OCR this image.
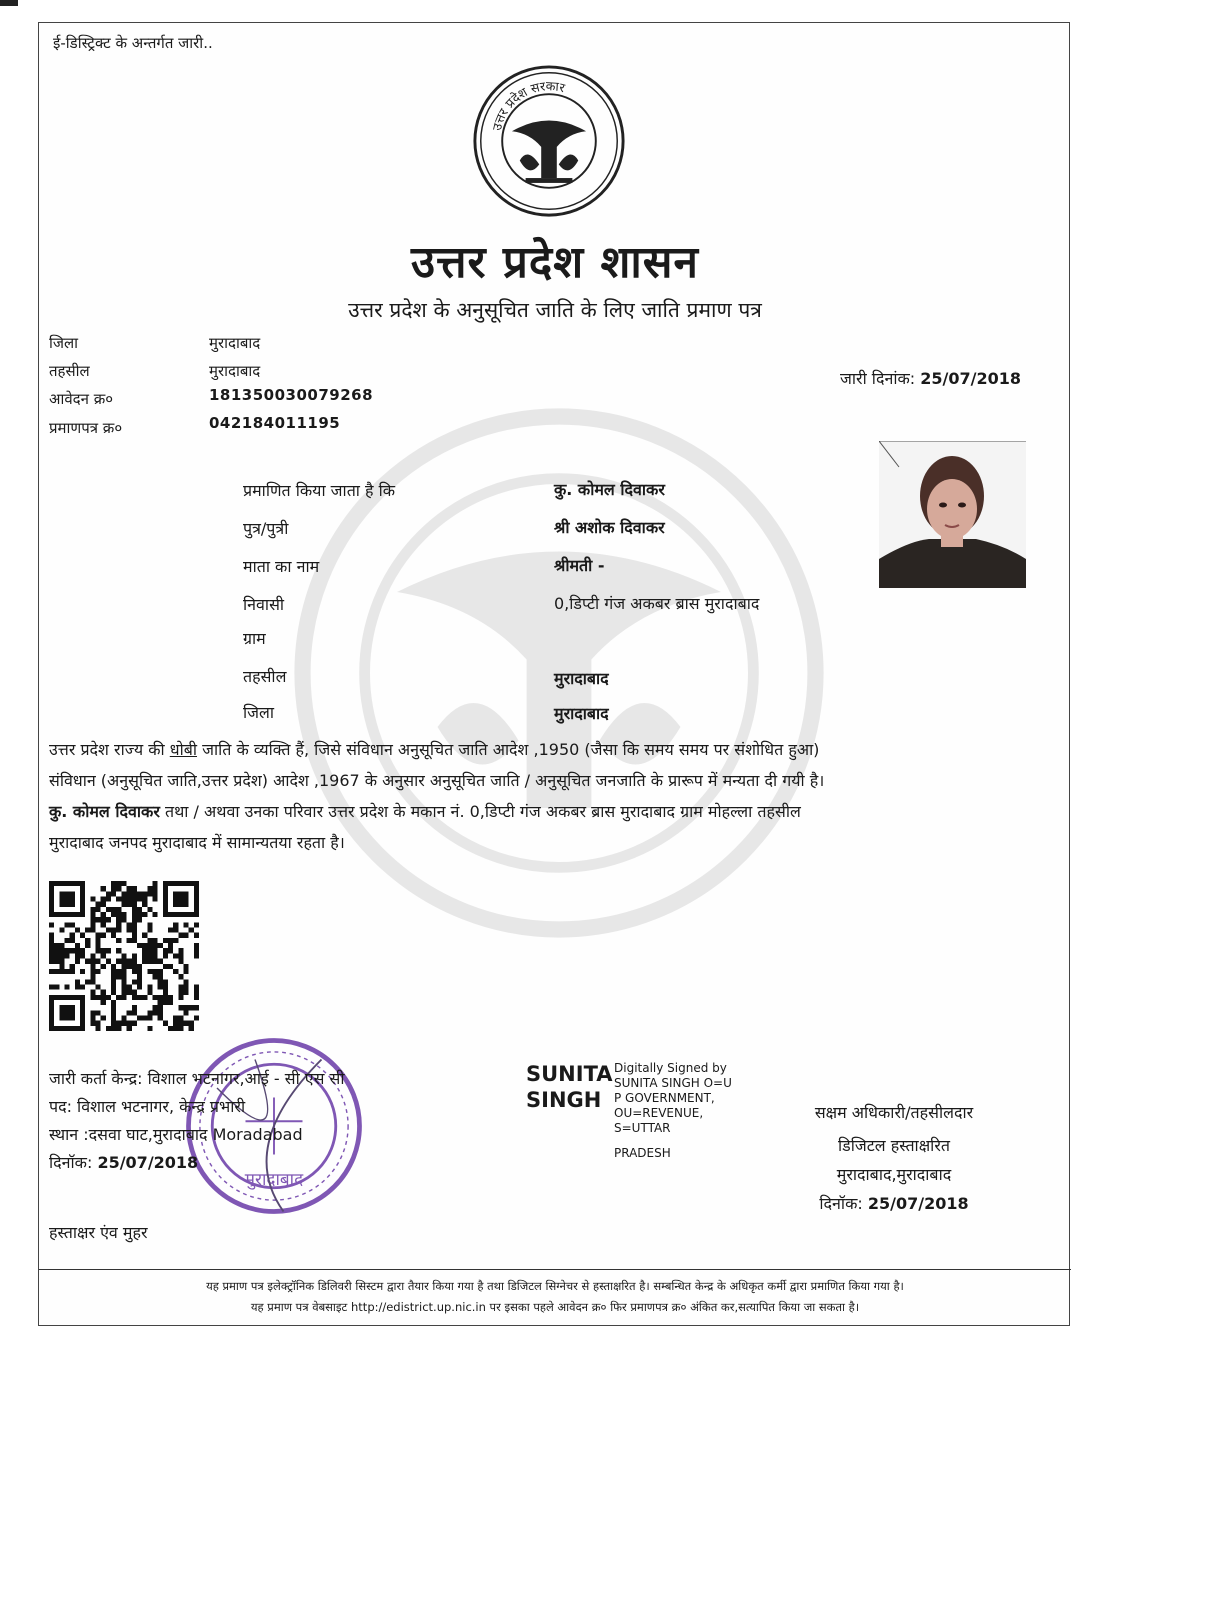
ई-डिस्ट्रिक्ट के अन्तर्गत जारी..
उत्तर प्रदेश सरकार
उत्तर प्रदेश शासन
उत्तर प्रदेश के अनुसूचित जाति के लिए जाति प्रमाण पत्र
जिला	मुरादाबाद
तहसील	मुरादाबाद
आवेदन क्र०	181350030079268
प्रमाणपत्र क्र०	042184011195
जारी दिनांक: 25/07/2018
प्रमाणित किया जाता है कि	कु. कोमल दिवाकर
पुत्र/पुत्री	श्री अशोक दिवाकर
माता का नाम	श्रीमती -
निवासी	0,डिप्टी गंज अकबर ब्रास मुरादाबाद
ग्राम
तहसील	मुरादाबाद
जिला	मुरादाबाद

उत्तर प्रदेश राज्य की धोबी जाति के व्यक्ति हैं, जिसे संविधान अनुसूचित जाति आदेश ,1950 (जैसा कि समय समय पर संशोधित हुआ)

संविधान (अनुसूचित जाति,उत्तर प्रदेश) आदेश ,1967 के अनुसार अनुसूचित जाति / अनुसूचित जनजाति के प्रारूप में मन्यता दी गयी है।

कु. कोमल दिवाकर तथा / अथवा उनका परिवार उत्तर प्रदेश के मकान नं. 0,डिप्टी गंज अकबर ब्रास मुरादाबाद ग्राम मोहल्ला तहसील

मुरादाबाद जनपद मुरादाबाद में सामान्यतया रहता है।

मुरादाबाद
जारी कर्ता केन्द्र: विशाल भटनागर,आई - सी एस सी
पद: विशाल भटनागर, केन्द्र प्रभारी
स्थान :दसवा घाट,मुरादाबाद Moradabad
दिनॉक: 25/07/2018
हस्ताक्षर एंव मुहर
SUNITA
SINGH
Digitally Signed by
SUNITA SINGH O=U
P GOVERNMENT,
OU=REVENUE,
S=UTTAR
PRADESH
सक्षम अधिकारी/तहसीलदार
डिजिटल हस्ताक्षरित
मुरादाबाद,मुरादाबाद
दिनॉक: 25/07/2018
यह प्रमाण पत्र इलेक्ट्रॉनिक डिलिवरी सिस्टम द्वारा तैयार किया गया है तथा डिजिटल सिग्नेचर से हस्ताक्षरित है। सम्बन्धित केन्द्र के अधिकृत कर्मी द्वारा प्रमाणित किया गया है।
यह प्रमाण पत्र वेबसाइट http://edistrict.up.nic.in पर इसका पहले आवेदन क्र० फिर प्रमाणपत्र क्र० अंकित कर,सत्यापित किया जा सकता है।
